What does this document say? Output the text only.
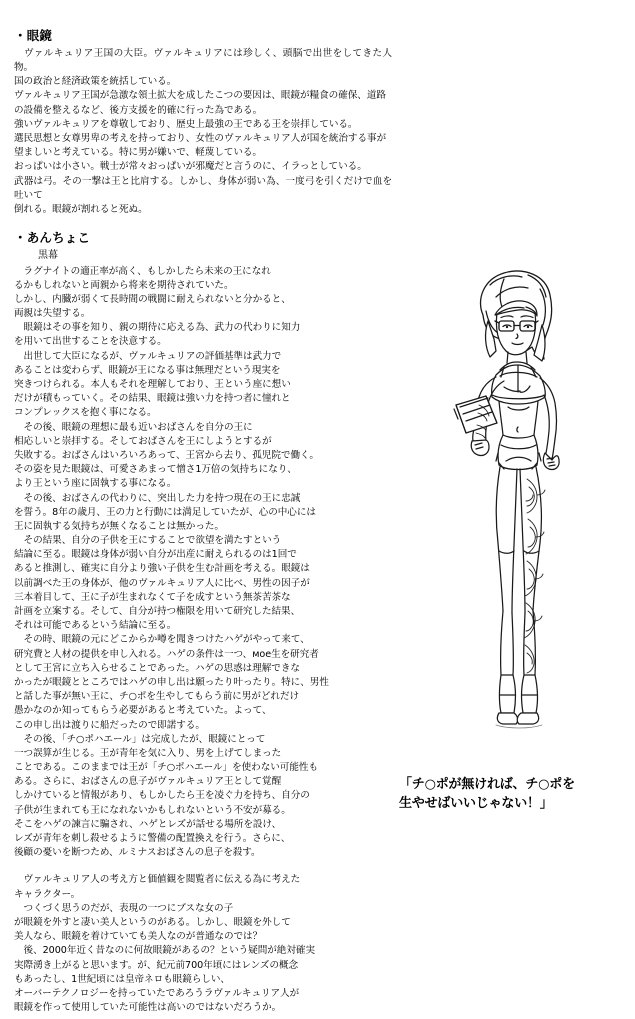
・眼鏡

　ヴァルキュリア王国の大臣。ヴァルキュリアには珍しく、頭脳で出世をしてきた人物。

国の政治と経済政策を統括している。

ヴァルキュリア王国が急激な領土拡大を成したこつの要因は、眼鏡が糧食の確保、道路

の設備を整えるなど、後方支援を的確に行った為である。

強いヴァルキュリアを尊敬しており、歴史上最強の王である王を崇拝している。

選民思想と女尊男卑の考えを持っており、女性のヴァルキュリア人が国を統治する事が

望ましいと考えている。特に男が嫌いで、軽蔑している。

おっぱいは小さい。戦士が常々おっぱいが邪魔だと言うのに、イラっとしている。

武器は弓。その一撃は王と比肩する。しかし、身体が弱い為、一度弓を引くだけで血を吐いて

倒れる。眼鏡が割れると死ぬ。

・あんちょこ

　黒幕

　ラグナイトの適正率が高く、もしかしたら未来の王になれ

るかもしれないと両親から将来を期待されていた。

しかし、内臓が弱くて長時間の戦闘に耐えられないと分かると、

両親は失望する。

　眼鏡はその事を知り、親の期待に応える為、武力の代わりに知力

を用いて出世することを決意する。

　出世して大臣になるが、ヴァルキュリアの評価基準は武力で

あることは変わらず、眼鏡が王になる事は無理だという現実を

突きつけられる。本人もそれを理解しており、王という座に想い

だけが積もっていく。その結果、眼鏡は強い力を持つ者に憧れと

コンプレックスを抱く事になる。

　その後、眼鏡の理想に最も近いおばさんを自分の王に

相応しいと崇拝する。そしておばさんを王にしようとするが

失敗する。おばさんはいろいろあって、王宮から去り、孤児院で働く。

その姿を見た眼鏡は、可愛さあまって憎さ1万倍の気持ちになり、

より王という座に固執する事になる。

　その後、おばさんの代わりに、突出した力を持つ現在の王に忠誠

を誓う。8年の歳月、王の力と行動には満足していたが、心の中心には

王に固執する気持ちが無くなることは無かった。

　その結果、自分の子供を王にすることで欲望を満たすという

結論に至る。眼鏡は身体が弱い自分が出産に耐えられるのは1回で

あると推測し、確実に自分より強い子供を生む計画を考える。眼鏡は

以前調べた王の身体が、他のヴァルキュリア人に比べ、男性の因子が

三本着目して、王に子が生まれなくて子を成すという無茶苦茶な

計画を立案する。そして、自分が持つ権限を用いて研究した結果、

それは可能であるという結論に至る。

　その時、眼鏡の元にどこからか噂を聞きつけたハゲがやって来て、

研究費と人材の提供を申し入れる。ハゲの条件は一つ、мое生を研究者

として王宮に立ち入らせることであった。ハゲの思惑は理解できな

かったが眼鏡とところではハゲの申し出は願ったり叶ったり。特に、男性

と話した事が無い王に、チ○ポを生やしてもらう前に男がどれだけ

愚かなのか知ってもらう必要があると考えていた。よって、

この申し出は渡りに船だったので即諾する。

　その後、「チ○ポハエール」は完成したが、眼鏡にとって

一つ誤算が生じる。王が青年を気に入り、男を上げてしまった

ことである。このままでは王が「チ○ポハエール」を使わない可能性も

ある。さらに、おばさんの息子がヴァルキュリア王として覚醒

しかけていると情報があり、もしかしたら王を凌ぐ力を持ち、自分の

子供が生まれても王になれないかもしれないという不安が募る。

そこをハゲの諫言に騙され、ハゲとレズが話せる場所を設け、

レズが青年を刺し殺せるように警備の配置換えを行う。さらに、

後顧の憂いを断つため、ルミナスおばさんの息子を殺す。

　ヴァルキュリア人の考え方と価値観を閲覧者に伝える為に考えた

キャラクター。

　つくづく思うのだが、表現の一つにブスな女の子

が眼鏡を外すと凄い美人というのがある。しかし、眼鏡を外して

美人なら、眼鏡を着けていても美人なのが普通なのでは？

　後、2000年近く昔なのに何故眼鏡があるの？という疑問が絶対確実

実際湧き上がると思います。が、紀元前700年頃にはレンズの概念

もあったし、1世紀頃には皇帝ネロも眼鏡らしい、

オーバーテクノロジーを持っていたであろうラヴァルキュリア人が

眼鏡を作って使用していた可能性は高いのではないだろうか。

「チ○ポが無ければ、チ○ポを
生やせばいいじゃない！」
